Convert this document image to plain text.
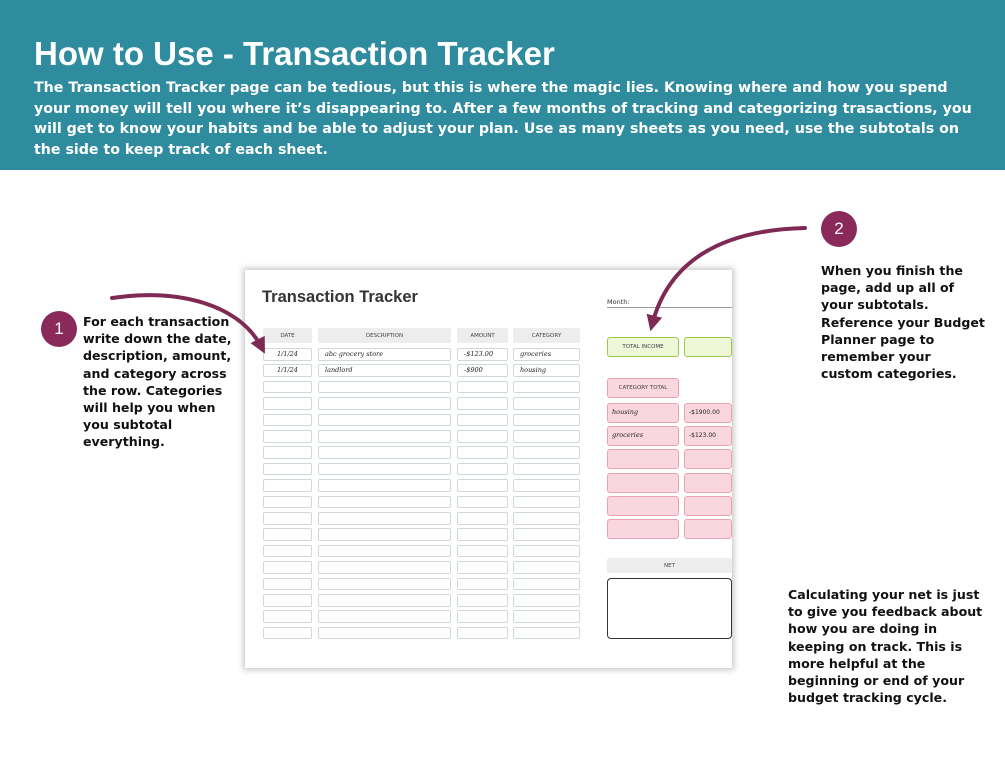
How to Use - Transaction Tracker

The Transaction Tracker page can be tedious, but this is where the magic lies. Knowing where and how you spend your money will tell you where it’s disappearing to. After a few months of tracking and categorizing trasactions, you will get to know your habits and be able to adjust your plan. Use as many sheets as you need, use the subtotals on the side to keep track of each sheet.

1	For each transaction write down the date, description, amount, and category across the row. Categories will help you when you subtotal everything.
2
When you finish the page, add up all of your subtotals. Reference your Budget Planner page to remember your custom categories.
Calculating your net is just to give you feedback about how you are doing in keeping on track. This is more helpful at the beginning or end of your budget tracking cycle.
Transaction Tracker	Month:
DATE	DESCRIPTION	AMOUNT	CATEGORY
1/1/24	abc grocery store	-$123.00	groceries
1/1/24	landlord	-$900	housing
TOTAL INCOME
CATEGORY TOTAL
housing	-$1900.00
groceries	-$123.00
NET
